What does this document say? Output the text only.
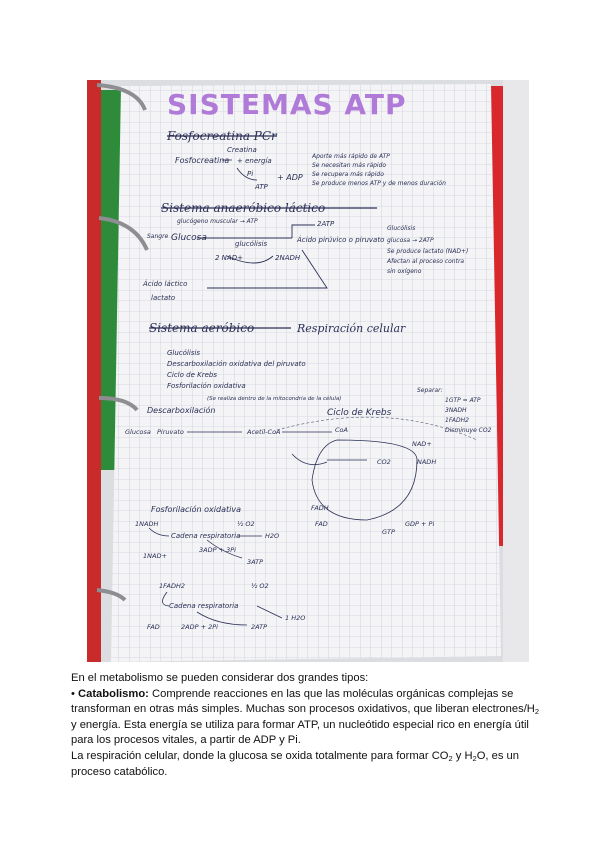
SISTEMAS ATP
Fosfocreatina PCr
Fosfocreatina
Creatina
+ energía
Pi
ATP
+ ADP
Aporte más rápido de ATP
Se necesitan más rápido
Se recupera más rápido
Se produce menos ATP y de menos duración
Sistema anaeróbico láctico
glucógeno muscular → ATP
Sangre Glucosa
glucólisis
2 NAD+	2NADH
Ácido pirúvico o piruvato
2ATP
Ácido láctico
lactato
Glucólisis
glucosa → 2ATP
Se produce lactato (NAD+)
Afectan al proceso contra
sin oxígeno
Sistema aeróbico	Respiración celular
Glucólisis
Descarboxilación oxidativa del piruvato
Ciclo de Krebs
Fosforilación oxidativa
(Se realiza dentro de la mitocondria de la célula)
Descarboxilación	Ciclo de Krebs
Separar:
1GTP = ATP
3NADH
1FADH2
Disminuye CO2
Glucosa Piruvato	Acetil-CoA
NAD+
NADH
CO2
FAD
FADH
GDP + Pi
GTP
CoA
Fosforilación oxidativa
1NADH	½ O2
Cadena respiratoria	H2O
3ADP + 3Pi
3ATP
1NAD+
1FADH2
Cadena respiratoria
½ O2
1 H2O
2ADP + 2Pi	2ATP
FAD

En el metabolismo se pueden considerar dos grandes tipos:

• Catabolismo: Comprende reacciones en las que las moléculas orgánicas complejas se transforman en otras más simples. Muchas son procesos oxidativos, que liberan electrones/$H_2$ y energía. Esta energía se utiliza para formar ATP, un nucleótido especial rico en energía útil para los procesos vitales, a partir de ADP y Pi.

La respiración celular, donde la glucosa se oxida totalmente para formar $CO_2$ y $H_2O$, es un proceso catabólico.
